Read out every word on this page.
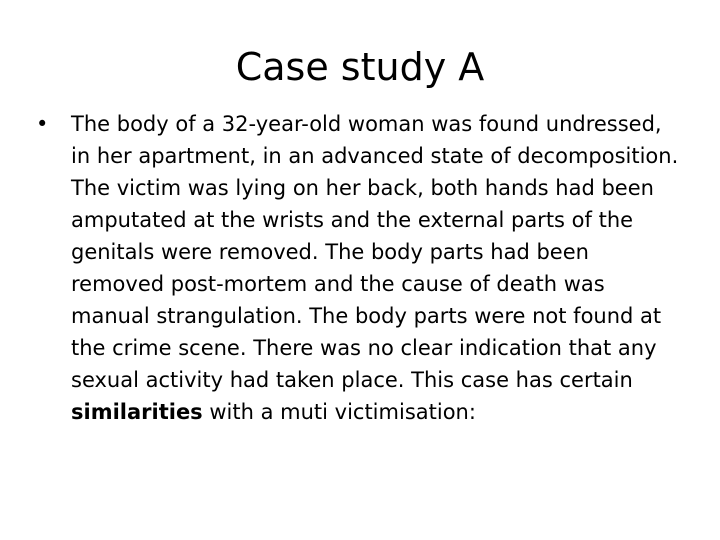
Case study A
• The body of a 32-year-old woman was found undressed, in her apartment, in an advanced state of decomposition. The victim was lying on her back, both hands had been amputated at the wrists and the external parts of the genitals were removed. The body parts had been removed post-mortem and the cause of death was manual strangulation. The body parts were not found at the crime scene. There was no clear indication that any sexual activity had taken place. This case has certain similarities with a muti victimisation:
